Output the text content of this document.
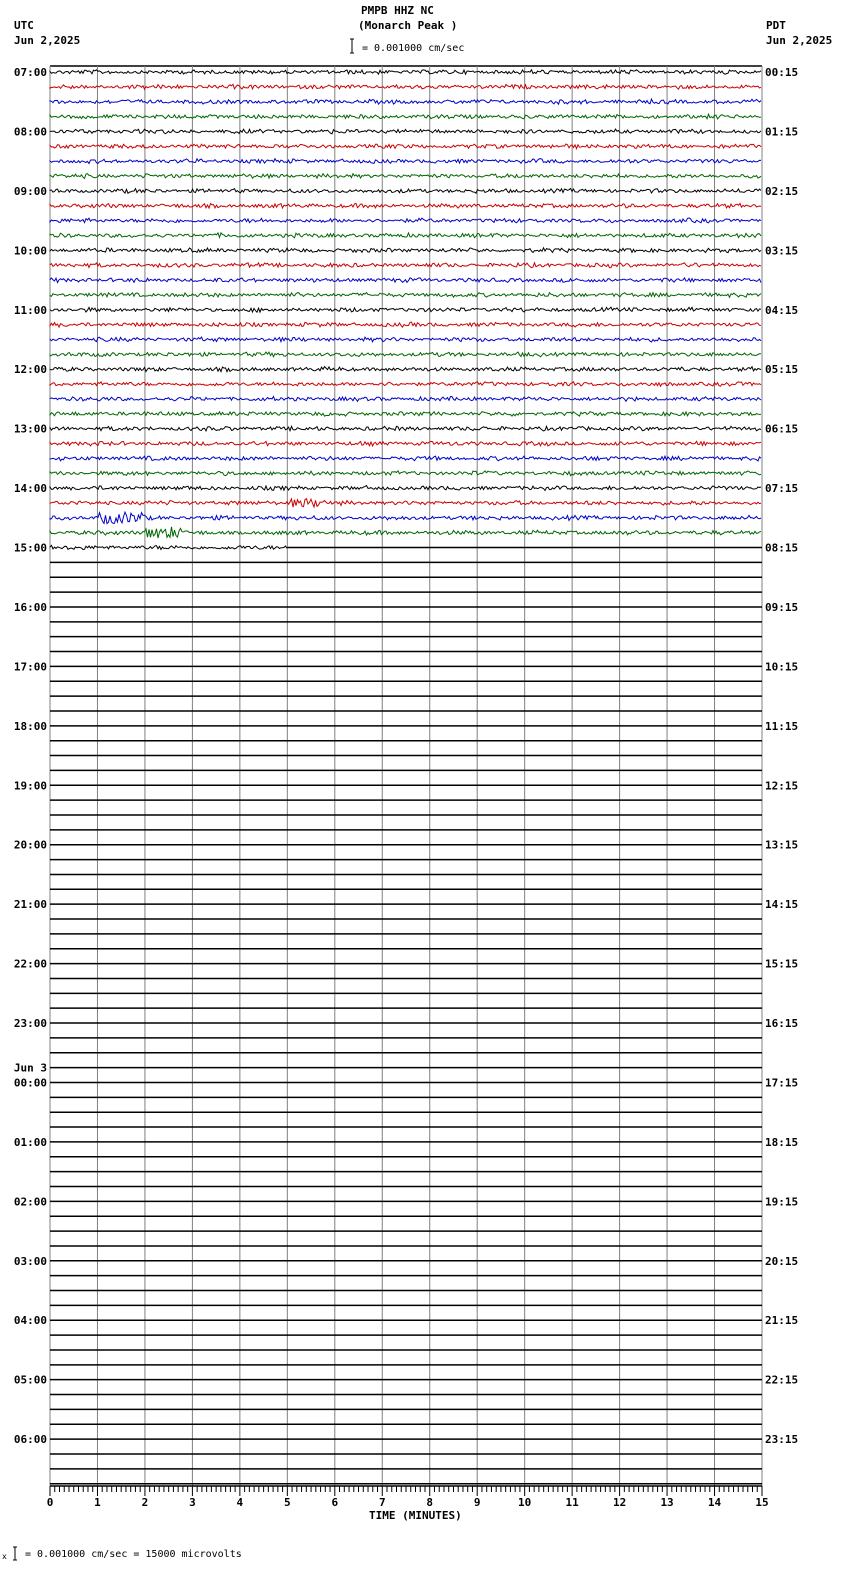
PMPB HHZ NC
(Monarch Peak )
UTC
Jun 2,2025
PDT
Jun 2,2025
= 0.001000 cm/sec
= 0.001000 cm/sec = 15000 microvolts
TIME (MINUTES)
07:00	00:15
08:00	01:15
09:00	02:15
10:00	03:15
11:00	04:15
12:00	05:15
13:00	06:15
14:00	07:15
15:00	08:15
16:00	09:15
17:00	10:15
18:00	11:15
19:00	12:15
20:00	13:15
21:00	14:15
22:00	15:15
23:00	16:15
Jun 3
00:00	17:15
01:00	18:15
02:00	19:15
03:00	20:15
04:00	21:15
05:00	22:15
06:00	23:15
0	1	2	3	4	5	6	7	8	9	10	11	12	13	14	15
x
